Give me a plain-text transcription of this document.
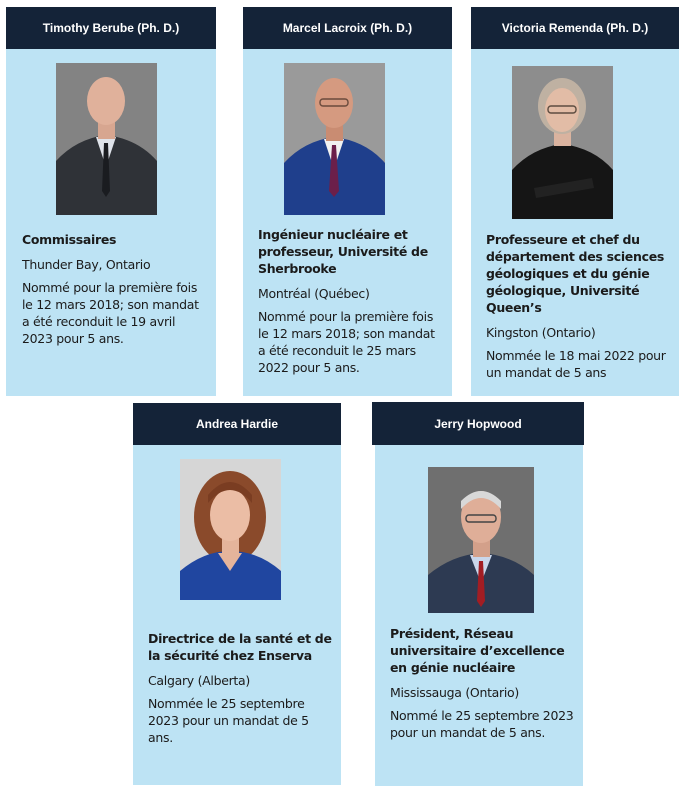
Timothy Berube (Ph. D.)
Commissaires

Thunder Bay, Ontario

Nommé pour la première fois le 12 mars 2018; son mandat a été reconduit le 19 avril 2023 pour 5 ans.

Marcel Lacroix (Ph. D.)
Ingénieur nucléaire et professeur, Université de Sherbrooke

Montréal (Québec)

Nommé pour la première fois le 12 mars 2018; son mandat a été reconduit le 25 mars 2022 pour 5 ans.

Victoria Remenda (Ph. D.)
Professeure et chef du département des sciences géologiques et du génie géologique, Université Queen’s

Kingston (Ontario)

Nommée le 18 mai 2022 pour un mandat de 5 ans

Andrea Hardie
Directrice de la santé et de la sécurité chez Enserva

Calgary (Alberta)

Nommée le 25 septembre 2023 pour un mandat de 5 ans.

Jerry Hopwood
Président, Réseau universitaire d’excellence en génie nucléaire

Mississauga (Ontario)

Nommé le 25 septembre 2023 pour un mandat de 5 ans.
